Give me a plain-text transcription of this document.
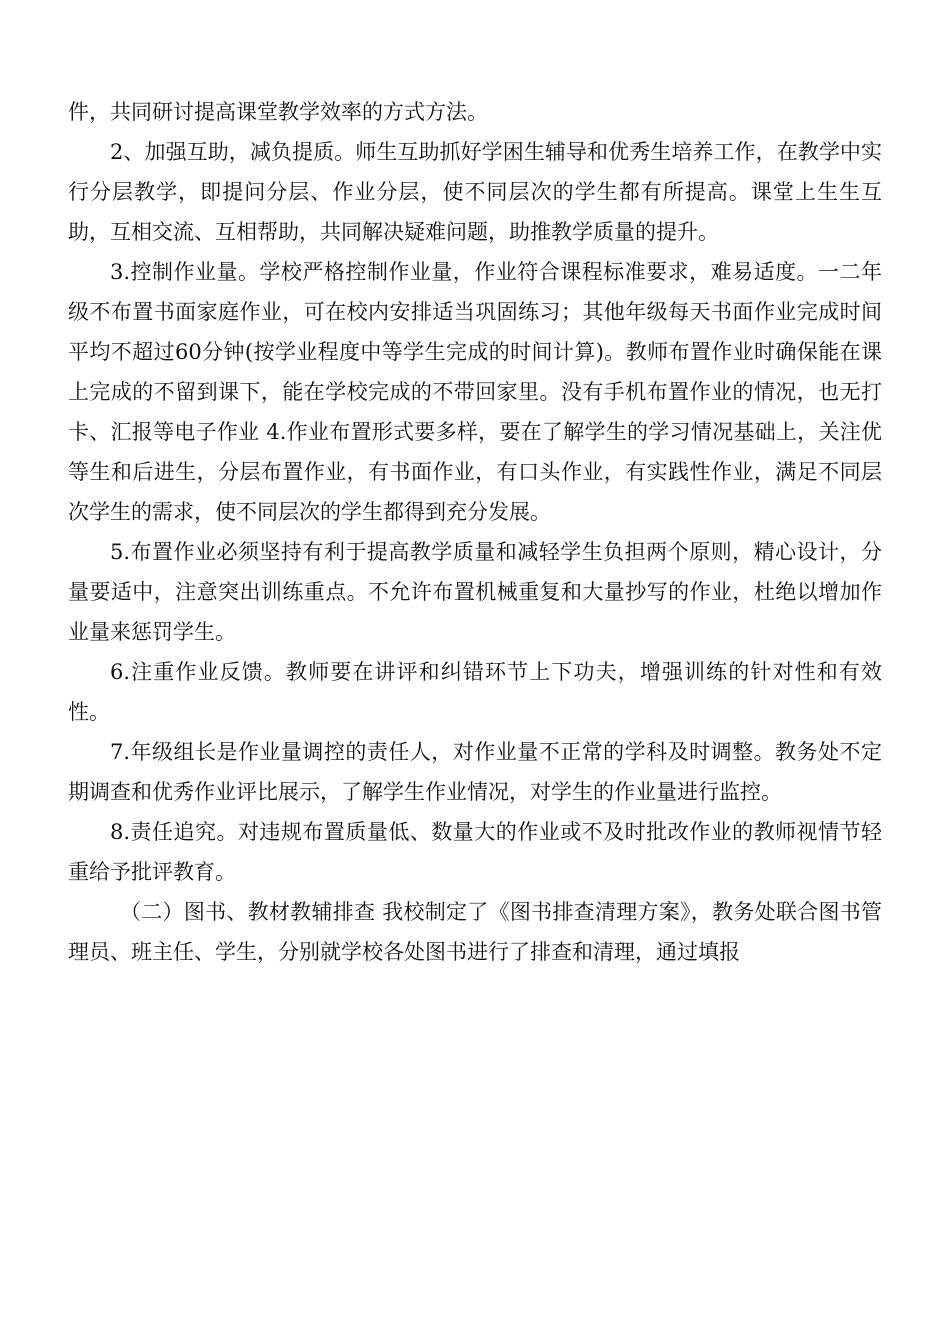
件，共同研讨提高课堂教学效率的方式方法。

2、加强互助，减负提质。师生互助抓好学困生辅导和优秀生培养工作，在教学中实行分层教学，即提问分层、作业分层，使不同层次的学生都有所提高。课堂上生生互助，互相交流、互相帮助，共同解决疑难问题，助推教学质量的提升。

3.控制作业量。学校严格控制作业量，作业符合课程标准要求，难易适度。一二年级不布置书面家庭作业，可在校内安排适当巩固练习；其他年级每天书面作业完成时间平均不超过60分钟(按学业程度中等学生完成的时间计算)。教师布置作业时确保能在课上完成的不留到课下，能在学校完成的不带回家里。没有手机布置作业的情况，也无打卡、汇报等电子作业 4.作业布置形式要多样，要在了解学生的学习情况基础上，关注优等生和后进生，分层布置作业，有书面作业，有口头作业，有实践性作业，满足不同层次学生的需求，使不同层次的学生都得到充分发展。

5.布置作业必须坚持有利于提高教学质量和减轻学生负担两个原则，精心设计，分量要适中，注意突出训练重点。不允许布置机械重复和大量抄写的作业，杜绝以增加作业量来惩罚学生。

6.注重作业反馈。教师要在讲评和纠错环节上下功夫，增强训练的针对性和有效性。

7.年级组长是作业量调控的责任人，对作业量不正常的学科及时调整。教务处不定期调查和优秀作业评比展示，了解学生作业情况，对学生的作业量进行监控。

8.责任追究。对违规布置质量低、数量大的作业或不及时批改作业的教师视情节轻重给予批评教育。

（二）图书、教材教辅排查 我校制定了《图书排查清理方案》，教务处联合图书管理员、班主任、学生，分别就学校各处图书进行了排查和清理，通过填报
